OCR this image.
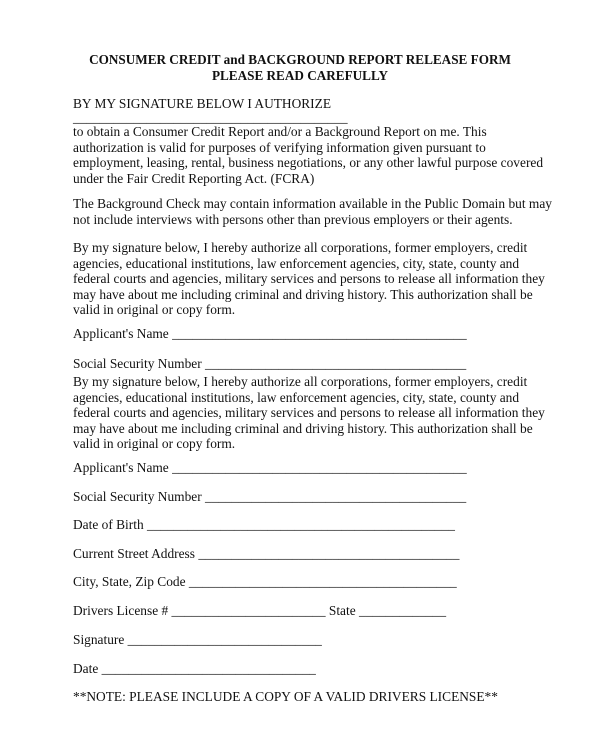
CONSUMER CREDIT and BACKGROUND REPORT RELEASE FORM
PLEASE READ CAREFULLY
BY MY SIGNATURE BELOW I AUTHORIZE
_________________________________________
to obtain a Consumer Credit Report and/or a Background Report on me. This
authorization is valid for purposes of verifying information given pursuant to
employment, leasing, rental, business negotiations, or any other lawful purpose covered
under the Fair Credit Reporting Act. (FCRA)
The Background Check may contain information available in the Public Domain but may
not include interviews with persons other than previous employers or their agents.
By my signature below, I hereby authorize all corporations, former employers, credit
agencies, educational institutions, law enforcement agencies, city, state, county and
federal courts and agencies, military services and persons to release all information they
may have about me including criminal and driving history. This authorization shall be
valid in original or copy form.
Applicant's Name ____________________________________________
Social Security Number _______________________________________
By my signature below, I hereby authorize all corporations, former employers, credit
agencies, educational institutions, law enforcement agencies, city, state, county and
federal courts and agencies, military services and persons to release all information they
may have about me including criminal and driving history. This authorization shall be
valid in original or copy form.
Applicant's Name ____________________________________________
Social Security Number _______________________________________
Date of Birth ______________________________________________
Current Street Address _______________________________________
City, State, Zip Code ________________________________________
Drivers License # _______________________ State _____________
Signature _____________________________
Date ________________________________
**NOTE: PLEASE INCLUDE A COPY OF A VALID DRIVERS LICENSE**
